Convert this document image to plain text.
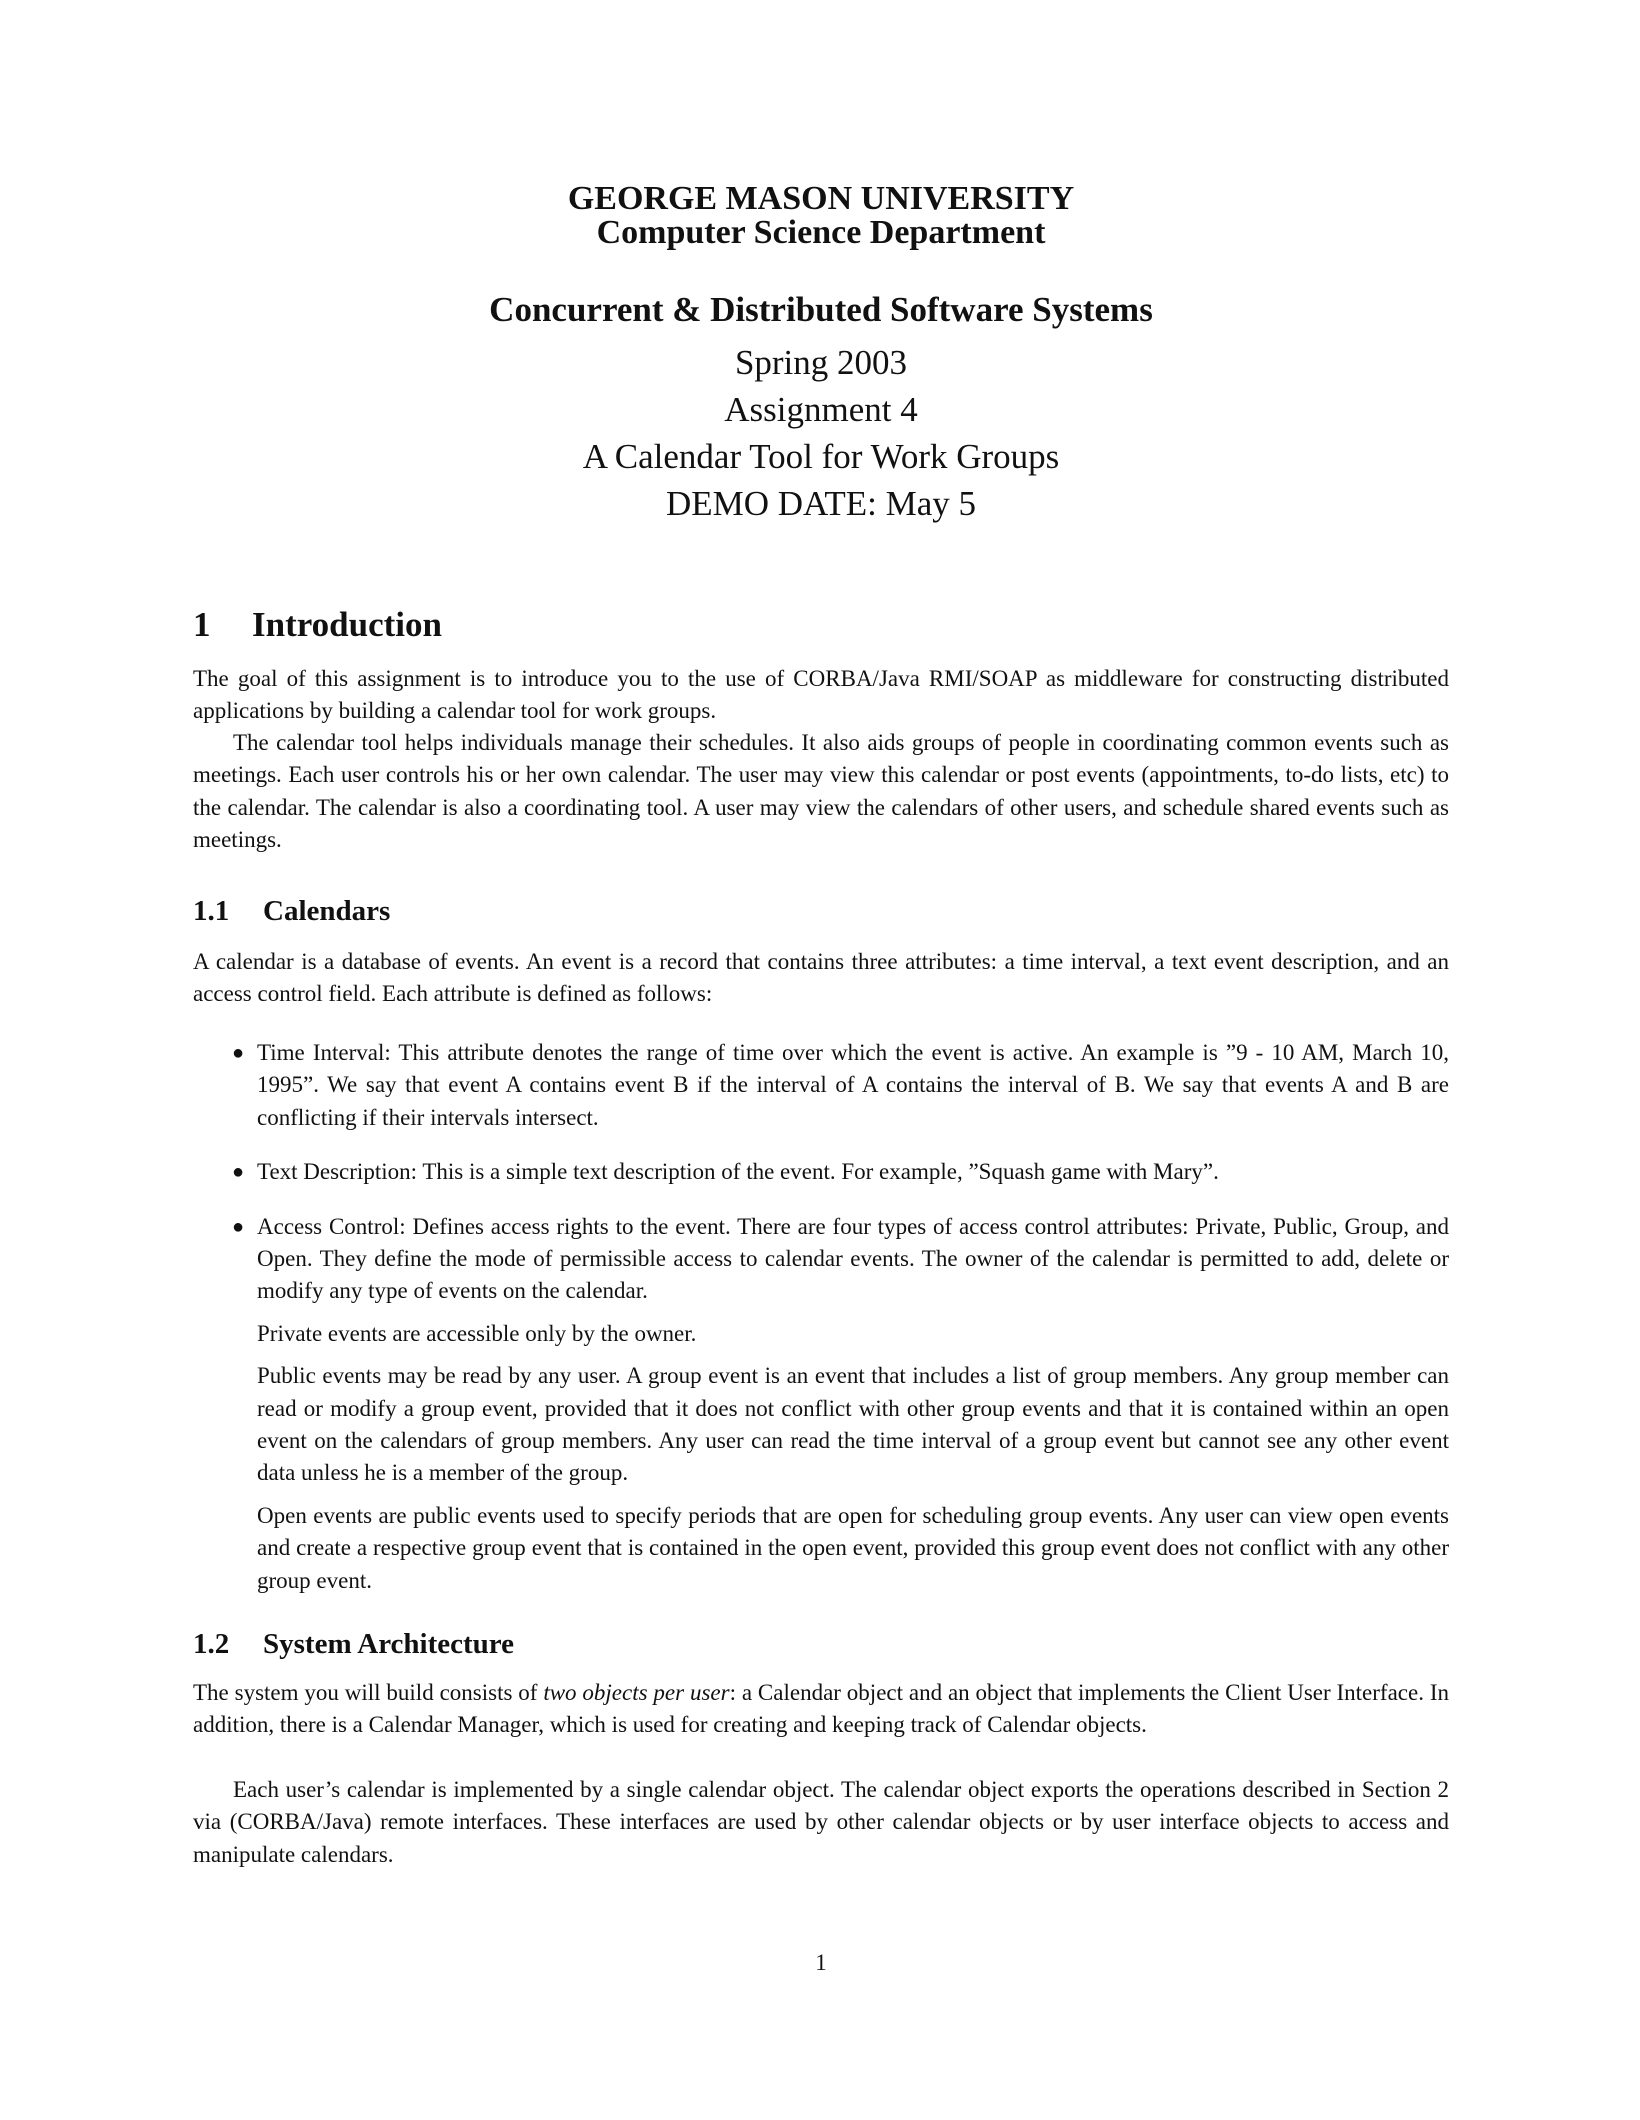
GEORGE MASON UNIVERSITY
Computer Science Department
Concurrent & Distributed Software Systems
Spring 2003
Assignment 4
A Calendar Tool for Work Groups
DEMO DATE: May 5
1 Introduction

The goal of this assignment is to introduce you to the use of CORBA/Java RMI/SOAP as middleware for constructing distributed applications by building a calendar tool for work groups.

The calendar tool helps individuals manage their schedules. It also aids groups of people in coordinating common events such as meetings. Each user controls his or her own calendar. The user may view this calendar or post events (appointments, to-do lists, etc) to the calendar. The calendar is also a coordinating tool. A user may view the calendars of other users, and schedule shared events such as meetings.

1.1 Calendars

A calendar is a database of events. An event is a record that contains three attributes: a time interval, a text event description, and an access control field. Each attribute is defined as follows:

● Time Interval: This attribute denotes the range of time over which the event is active. An example is ”9 - 10 AM, March 10, 1995”. We say that event A contains event B if the interval of A contains the interval of B. We say that events A and B are conflicting if their intervals intersect.

● Text Description: This is a simple text description of the event. For example, ”Squash game with Mary”.

● Access Control: Defines access rights to the event. There are four types of access control attributes: Private, Public, Group, and Open. They define the mode of permissible access to calendar events. The owner of the calendar is permitted to add, delete or modify any type of events on the calendar.

Private events are accessible only by the owner.

Public events may be read by any user. A group event is an event that includes a list of group members. Any group member can read or modify a group event, provided that it does not conflict with other group events and that it is contained within an open event on the calendars of group members. Any user can read the time interval of a group event but cannot see any other event data unless he is a member of the group.

Open events are public events used to specify periods that are open for scheduling group events. Any user can view open events and create a respective group event that is contained in the open event, provided this group event does not conflict with any other group event.

1.2 System Architecture

The system you will build consists of two objects per user: a Calendar object and an object that implements the Client User Interface. In addition, there is a Calendar Manager, which is used for creating and keeping track of Calendar objects.

Each user’s calendar is implemented by a single calendar object. The calendar object exports the operations described in Section 2 via (CORBA/Java) remote interfaces. These interfaces are used by other calendar objects or by user interface objects to access and manipulate calendars.

1
